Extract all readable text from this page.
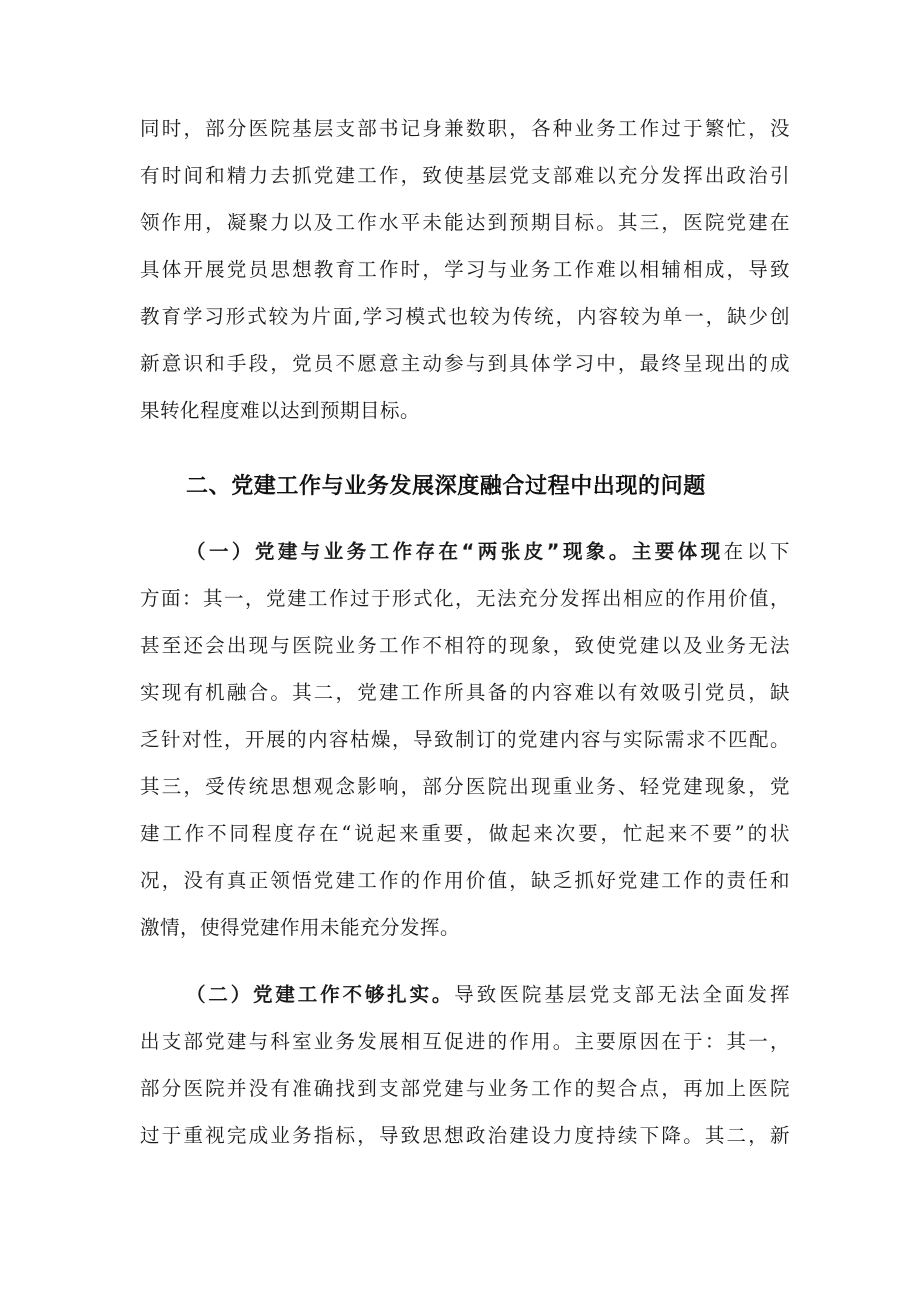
同时，部分医院基层支部书记身兼数职，各种业务工作过于繁忙，没
有时间和精力去抓党建工作，致使基层党支部难以充分发挥出政治引
领作用，凝聚力以及工作水平未能达到预期目标。其三，医院党建在
具体开展党员思想教育工作时，学习与业务工作难以相辅相成，导致
教育学习形式较为片面,学习模式也较为传统，内容较为单一，缺少创
新意识和手段，党员不愿意主动参与到具体学习中，最终呈现出的成
果转化程度难以达到预期目标。
二、党建工作与业务发展深度融合过程中出现的问题
（一）党建与业务工作存在“两张皮”现象。主要体现在以下
方面：其一，党建工作过于形式化，无法充分发挥出相应的作用价值，
甚至还会出现与医院业务工作不相符的现象，致使党建以及业务无法
实现有机融合。其二，党建工作所具备的内容难以有效吸引党员，缺
乏针对性，开展的内容枯燥，导致制订的党建内容与实际需求不匹配。
其三，受传统思想观念影响，部分医院出现重业务、轻党建现象，党
建工作不同程度存在“说起来重要，做起来次要，忙起来不要”的状
况，没有真正领悟党建工作的作用价值，缺乏抓好党建工作的责任和
激情，使得党建作用未能充分发挥。
（二）党建工作不够扎实。导致医院基层党支部无法全面发挥
出支部党建与科室业务发展相互促进的作用。主要原因在于：其一，
部分医院并没有准确找到支部党建与业务工作的契合点，再加上医院
过于重视完成业务指标，导致思想政治建设力度持续下降。其二，新
